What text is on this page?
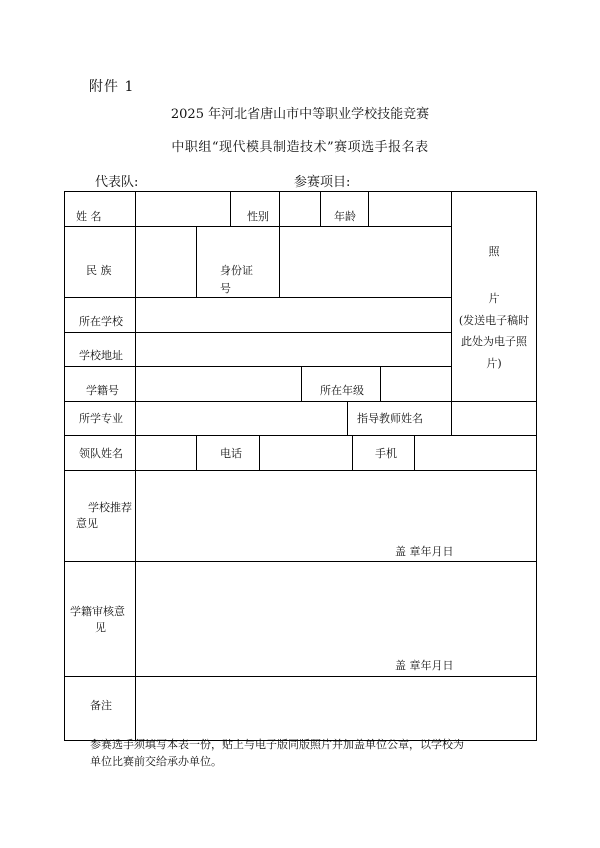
附件 1
2025 年河北省唐山市中等职业学校技能竞赛
中职组“现代模具制造技术”赛项选手报名表
代表队:	参赛项目:
姓 名	性别	年龄
民 族	身份证
号
照
片
(发送电子稿时
此处为电子照
片)
所在学校
学校地址
学籍号	所在年级
所学专业	指导教师姓名
领队姓名	电话	手机
学校推荐
意见
盖 章年月日
学籍审核意
见
盖 章年月日
备注
参赛选手须填写本表一份，贴上与电子版同版照片并加盖单位公章，以学校为
单位比赛前交给承办单位。
